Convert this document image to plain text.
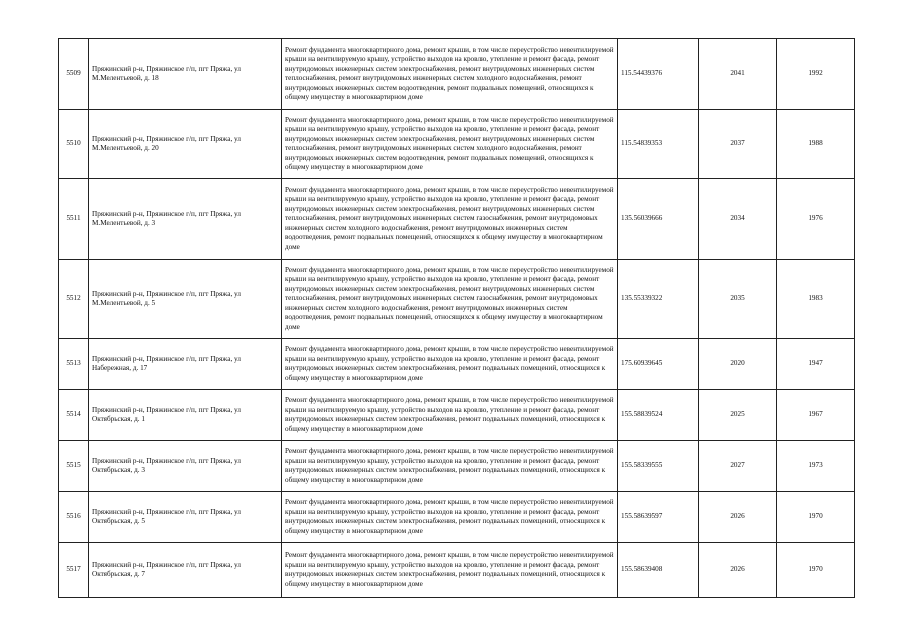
5509	Пряжинский р-н, Пряжинское г/п, пгт Пряжа, ул М.Мелентьевой, д. 18	Ремонт фундамента многоквартирного дома, ремонт крыши, в том числе переустройство невентилируемой крыши на вентилируемую крышу, устройство выходов на кровлю, утепление и ремонт фасада, ремонт внутридомовых инженерных систем электроснабжения, ремонт внутридомовых инженерных систем теплоснабжения, ремонт внутридомовых инженерных систем холодного водоснабжения, ремонт внутридомовых инженерных систем водоотведения, ремонт подвальных помещений, относящихся к общему имуществу в многоквартирном доме	115.54439376	2041	1992
5510	Пряжинский р-н, Пряжинское г/п, пгт Пряжа, ул М.Мелентьевой, д. 20	Ремонт фундамента многоквартирного дома, ремонт крыши, в том числе переустройство невентилируемой крыши на вентилируемую крышу, устройство выходов на кровлю, утепление и ремонт фасада, ремонт внутридомовых инженерных систем электроснабжения, ремонт внутридомовых инженерных систем теплоснабжения, ремонт внутридомовых инженерных систем холодного водоснабжения, ремонт внутридомовых инженерных систем водоотведения, ремонт подвальных помещений, относящихся к общему имуществу в многоквартирном доме	115.54839353	2037	1988
5511	Пряжинский р-н, Пряжинское г/п, пгт Пряжа, ул М.Мелентьевой, д. 3	Ремонт фундамента многоквартирного дома, ремонт крыши, в том числе переустройство невентилируемой крыши на вентилируемую крышу, устройство выходов на кровлю, утепление и ремонт фасада, ремонт внутридомовых инженерных систем электроснабжения, ремонт внутридомовых инженерных систем теплоснабжения, ремонт внутридомовых инженерных систем газоснабжения, ремонт внутридомовых инженерных систем холодного водоснабжения, ремонт внутридомовых инженерных систем водоотведения, ремонт подвальных помещений, относящихся к общему имуществу в многоквартирном доме	135.56039666	2034	1976
5512	Пряжинский р-н, Пряжинское г/п, пгт Пряжа, ул М.Мелентьевой, д. 5	Ремонт фундамента многоквартирного дома, ремонт крыши, в том числе переустройство невентилируемой крыши на вентилируемую крышу, устройство выходов на кровлю, утепление и ремонт фасада, ремонт внутридомовых инженерных систем электроснабжения, ремонт внутридомовых инженерных систем теплоснабжения, ремонт внутридомовых инженерных систем газоснабжения, ремонт внутридомовых инженерных систем холодного водоснабжения, ремонт внутридомовых инженерных систем водоотведения, ремонт подвальных помещений, относящихся к общему имуществу в многоквартирном доме	135.55339322	2035	1983
5513	Пряжинский р-н, Пряжинское г/п, пгт Пряжа, ул Набережная, д. 17	Ремонт фундамента многоквартирного дома, ремонт крыши, в том числе переустройство невентилируемой крыши на вентилируемую крышу, устройство выходов на кровлю, утепление и ремонт фасада, ремонт внутридомовых инженерных систем электроснабжения, ремонт подвальных помещений, относящихся к общему имуществу в многоквартирном доме	175.60939645	2020	1947
5514	Пряжинский р-н, Пряжинское г/п, пгт Пряжа, ул Октябрьская, д. 1	Ремонт фундамента многоквартирного дома, ремонт крыши, в том числе переустройство невентилируемой крыши на вентилируемую крышу, устройство выходов на кровлю, утепление и ремонт фасада, ремонт внутридомовых инженерных систем электроснабжения, ремонт подвальных помещений, относящихся к общему имуществу в многоквартирном доме	155.58839524	2025	1967
5515	Пряжинский р-н, Пряжинское г/п, пгт Пряжа, ул Октябрьская, д. 3	Ремонт фундамента многоквартирного дома, ремонт крыши, в том числе переустройство невентилируемой крыши на вентилируемую крышу, устройство выходов на кровлю, утепление и ремонт фасада, ремонт внутридомовых инженерных систем электроснабжения, ремонт подвальных помещений, относящихся к общему имуществу в многоквартирном доме	155.58339555	2027	1973
5516	Пряжинский р-н, Пряжинское г/п, пгт Пряжа, ул Октябрьская, д. 5	Ремонт фундамента многоквартирного дома, ремонт крыши, в том числе переустройство невентилируемой крыши на вентилируемую крышу, устройство выходов на кровлю, утепление и ремонт фасада, ремонт внутридомовых инженерных систем электроснабжения, ремонт подвальных помещений, относящихся к общему имуществу в многоквартирном доме	155.58639597	2026	1970
5517	Пряжинский р-н, Пряжинское г/п, пгт Пряжа, ул Октябрьская, д. 7	Ремонт фундамента многоквартирного дома, ремонт крыши, в том числе переустройство невентилируемой крыши на вентилируемую крышу, устройство выходов на кровлю, утепление и ремонт фасада, ремонт внутридомовых инженерных систем электроснабжения, ремонт подвальных помещений, относящихся к общему имуществу в многоквартирном доме	155.58639408	2026	1970
